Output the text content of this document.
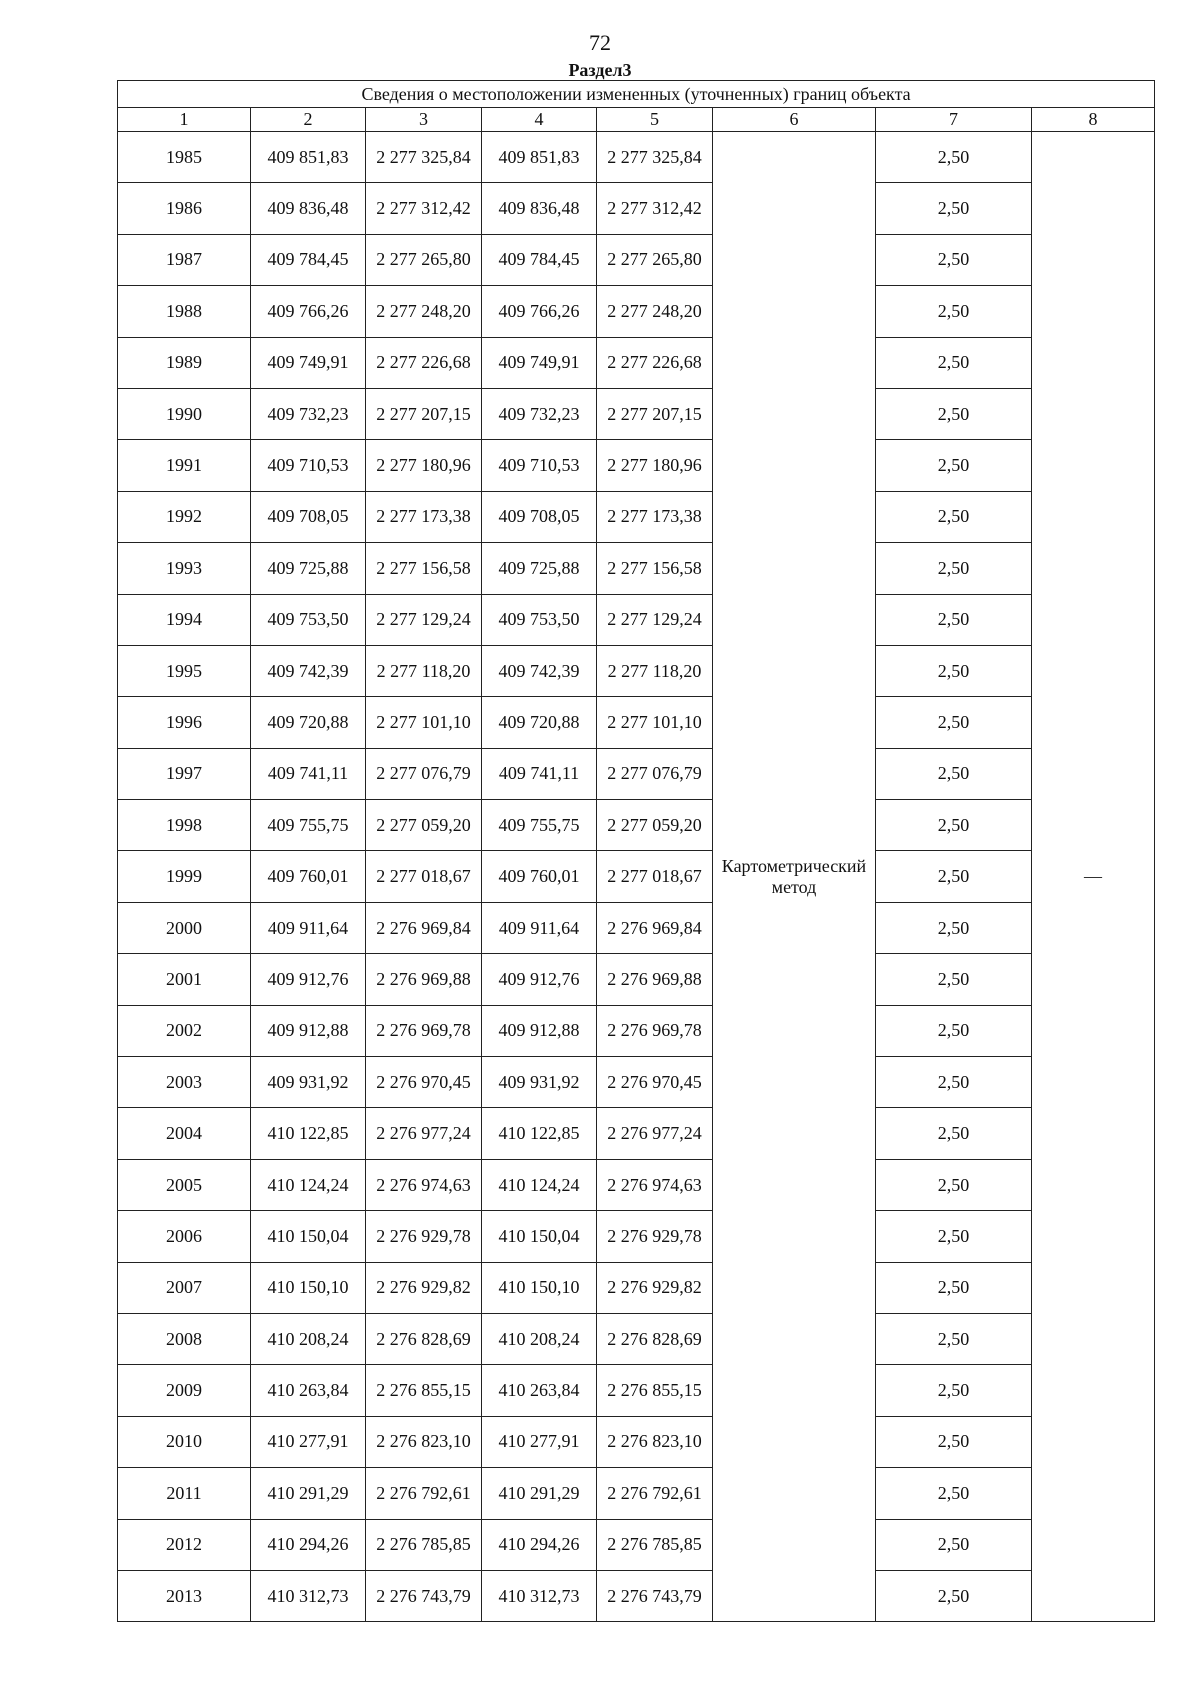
72
Раздел3
Сведения о местоположении измененных (уточненных) границ объекта							
1	2	3	4	5	6	7	8
1985	409 851,83	2 277 325,84	409 851,83	2 277 325,84	Картометрический метод	2,50	—
1986	409 836,48	2 277 312,42	409 836,48	2 277 312,42		2,50	
1987	409 784,45	2 277 265,80	409 784,45	2 277 265,80		2,50	
1988	409 766,26	2 277 248,20	409 766,26	2 277 248,20		2,50	
1989	409 749,91	2 277 226,68	409 749,91	2 277 226,68		2,50	
1990	409 732,23	2 277 207,15	409 732,23	2 277 207,15		2,50	
1991	409 710,53	2 277 180,96	409 710,53	2 277 180,96		2,50	
1992	409 708,05	2 277 173,38	409 708,05	2 277 173,38		2,50	
1993	409 725,88	2 277 156,58	409 725,88	2 277 156,58		2,50	
1994	409 753,50	2 277 129,24	409 753,50	2 277 129,24		2,50	
1995	409 742,39	2 277 118,20	409 742,39	2 277 118,20		2,50	
1996	409 720,88	2 277 101,10	409 720,88	2 277 101,10		2,50	
1997	409 741,11	2 277 076,79	409 741,11	2 277 076,79		2,50	
1998	409 755,75	2 277 059,20	409 755,75	2 277 059,20		2,50	
1999	409 760,01	2 277 018,67	409 760,01	2 277 018,67		2,50	
2000	409 911,64	2 276 969,84	409 911,64	2 276 969,84		2,50	
2001	409 912,76	2 276 969,88	409 912,76	2 276 969,88		2,50	
2002	409 912,88	2 276 969,78	409 912,88	2 276 969,78		2,50	
2003	409 931,92	2 276 970,45	409 931,92	2 276 970,45		2,50	
2004	410 122,85	2 276 977,24	410 122,85	2 276 977,24		2,50	
2005	410 124,24	2 276 974,63	410 124,24	2 276 974,63		2,50	
2006	410 150,04	2 276 929,78	410 150,04	2 276 929,78		2,50	
2007	410 150,10	2 276 929,82	410 150,10	2 276 929,82		2,50	
2008	410 208,24	2 276 828,69	410 208,24	2 276 828,69		2,50	
2009	410 263,84	2 276 855,15	410 263,84	2 276 855,15		2,50	
2010	410 277,91	2 276 823,10	410 277,91	2 276 823,10		2,50	
2011	410 291,29	2 276 792,61	410 291,29	2 276 792,61		2,50	
2012	410 294,26	2 276 785,85	410 294,26	2 276 785,85		2,50	
2013	410 312,73	2 276 743,79	410 312,73	2 276 743,79		2,50	
